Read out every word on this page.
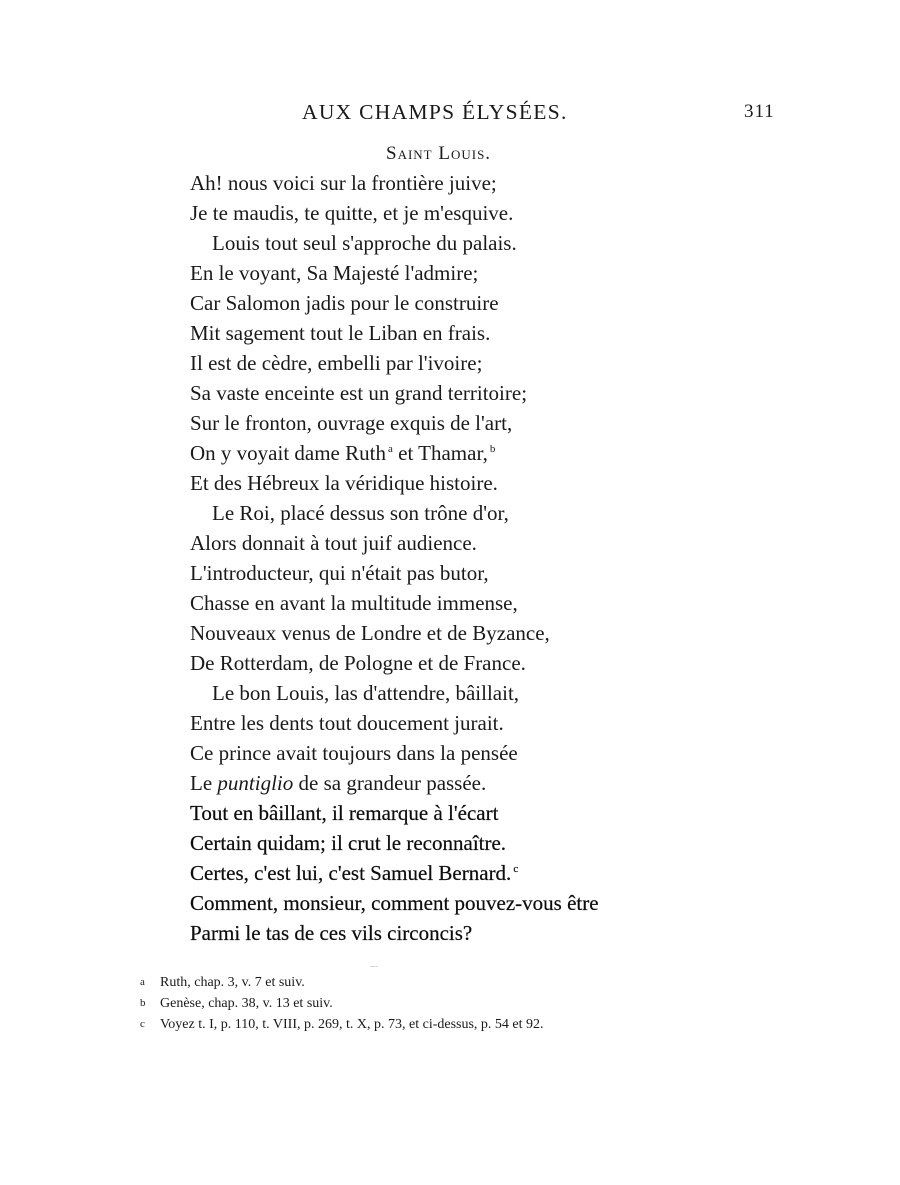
AUX CHAMPS ÉLYSÉES.	311
Saint Louis.
Ah! nous voici sur la frontière juive;
Je te maudis, te quitte, et je m'esquive.
Louis tout seul s'approche du palais.
En le voyant, Sa Majesté l'admire;
Car Salomon jadis pour le construire
Mit sagement tout le Liban en frais.
Il est de cèdre, embelli par l'ivoire;
Sa vaste enceinte est un grand territoire;
Sur le fronton, ouvrage exquis de l'art,
On y voyait dame Ruth $^a$ et Thamar, $^b$
Et des Hébreux la véridique histoire.
Le Roi, placé dessus son trône d'or,
Alors donnait à tout juif audience.
L'introducteur, qui n'était pas butor,
Chasse en avant la multitude immense,
Nouveaux venus de Londre et de Byzance,
De Rotterdam, de Pologne et de France.
Le bon Louis, las d'attendre, bâillait,
Entre les dents tout doucement jurait.
Ce prince avait toujours dans la pensée
Le puntiglio de sa grandeur passée.
Tout en bâillant, il remarque à l'écart
Certain quidam; il crut le reconnaître.
Certes, c'est lui, c'est Samuel Bernard. $^c$
Comment, monsieur, comment pouvez-vous être
Parmi le tas de ces vils circoncis?
a Ruth, chap. 3, v. 7 et suiv.
b Genèse, chap. 38, v. 13 et suiv.
c Voyez t. I, p. 110, t. VIII, p. 269, t. X, p. 73, et ci-dessus, p. 54 et 92.
